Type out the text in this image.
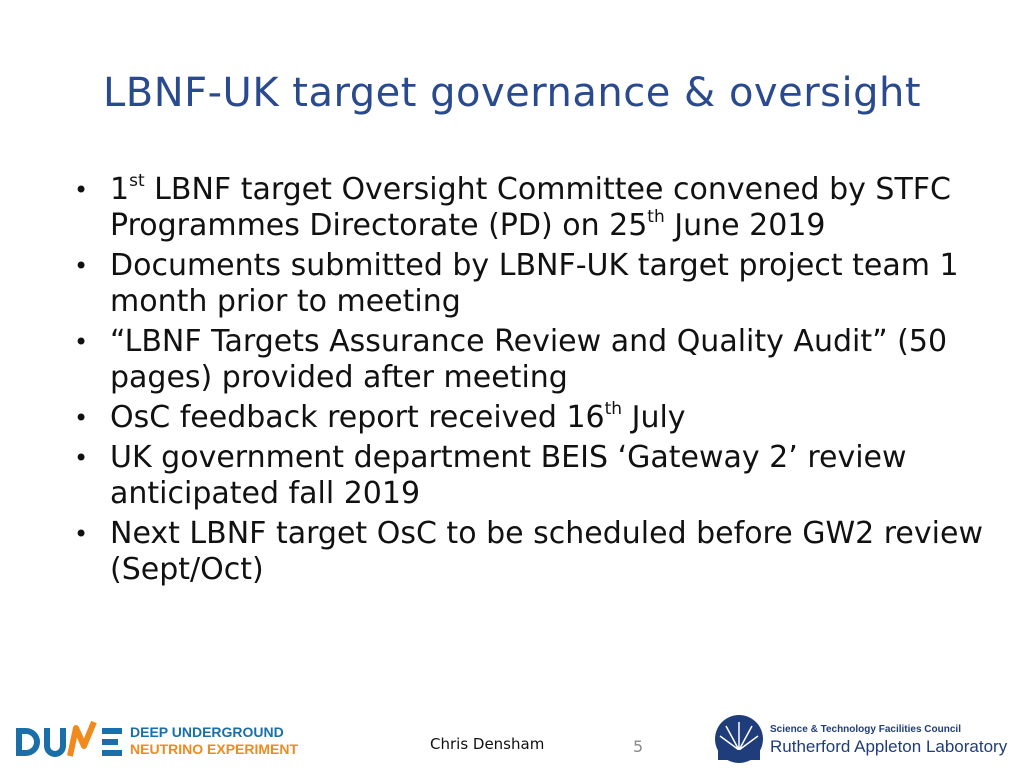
LBNF-UK target governance & oversight
• 1st LBNF target Oversight Committee convened by STFC Programmes Directorate (PD) on 25th June 2019
• Documents submitted by LBNF-UK target project team 1 month prior to meeting
• “LBNF Targets Assurance Review and Quality Audit” (50 pages) provided after meeting
• OsC feedback report received 16th July
• UK government department BEIS ‘Gateway 2’ review anticipated fall 2019
• Next LBNF target OsC to be scheduled before GW2 review (Sept/Oct)
DEEP UNDERGROUND
NEUTRINO EXPERIMENT	Chris Densham	5
Science & Technology Facilities Council
Rutherford Appleton Laboratory
